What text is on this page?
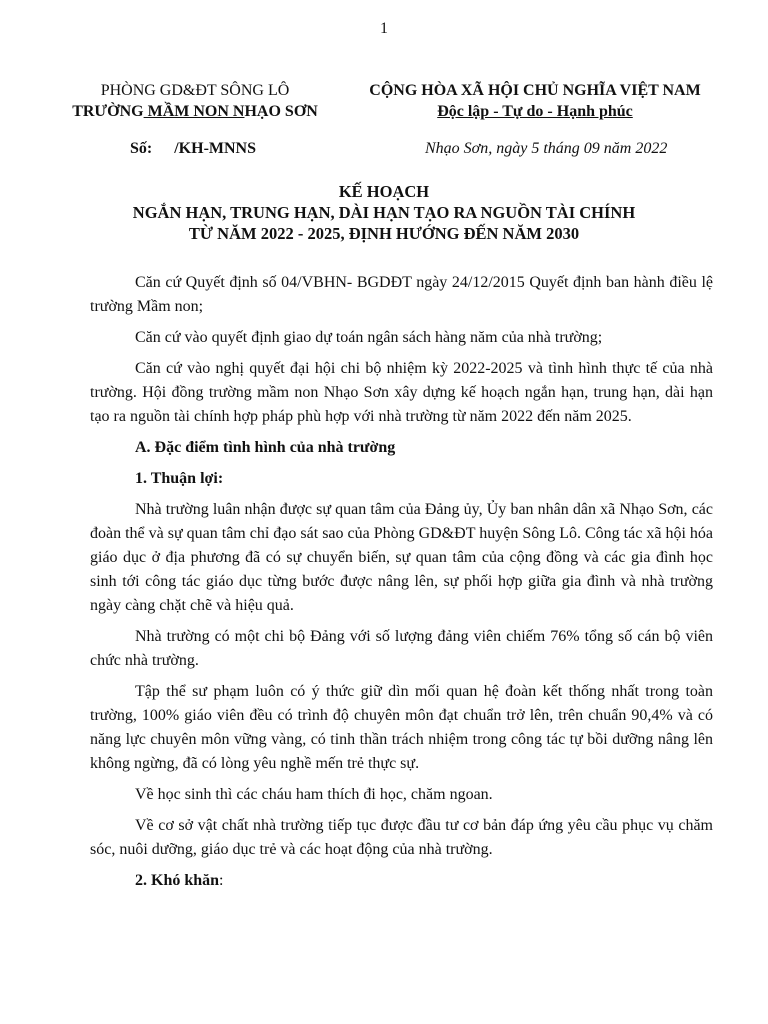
1
PHÒNG GD&ĐT SÔNG LÔ
TRƯỜNG MẦM NON NHẠO SƠN
CỘNG HÒA XÃ HỘI CHỦ NGHĨA VIỆT NAM
Độc lập - Tự do - Hạnh phúc
Số: /KH-MNNS	Nhạo Sơn, ngày 5 tháng 09 năm 2022
KẾ HOẠCH
NGẮN HẠN, TRUNG HẠN, DÀI HẠN TẠO RA NGUỒN TÀI CHÍNH
TỪ NĂM 2022 - 2025, ĐỊNH HƯỚNG ĐẾN NĂM 2030

Căn cứ Quyết định số 04/VBHN- BGDĐT ngày 24/12/2015 Quyết định ban hành điều lệ trường Mầm non;

Căn cứ vào quyết định giao dự toán ngân sách hàng năm của nhà trường;

Căn cứ vào nghị quyết đại hội chi bộ nhiệm kỳ 2022-2025 và tình hình thực tế của nhà trường. Hội đồng trường mầm non Nhạo Sơn xây dựng kế hoạch ngắn hạn, trung hạn, dài hạn tạo ra nguồn tài chính hợp pháp phù hợp với nhà trường từ năm 2022 đến năm 2025.

A. Đặc điểm tình hình của nhà trường
1. Thuận lợi:

Nhà trường luân nhận được sự quan tâm của Đảng ủy, Ủy ban nhân dân xã Nhạo Sơn, các đoàn thể và sự quan tâm chỉ đạo sát sao của Phòng GD&ĐT huyện Sông Lô. Công tác xã hội hóa giáo dục ở địa phương đã có sự chuyển biến, sự quan tâm của cộng đồng và các gia đình học sinh tới công tác giáo dục từng bước được nâng lên, sự phối hợp giữa gia đình và nhà trường ngày càng chặt chẽ và hiệu quả.

Nhà trường có một chi bộ Đảng với số lượng đảng viên chiếm 76% tổng số cán bộ viên chức nhà trường.

Tập thể sư phạm luôn có ý thức giữ dìn mối quan hệ đoàn kết thống nhất trong toàn trường, 100% giáo viên đều có trình độ chuyên môn đạt chuẩn trở lên, trên chuẩn 90,4% và có năng lực chuyên môn vững vàng, có tinh thần trách nhiệm trong công tác tự bồi dưỡng nâng lên không ngừng, đã có lòng yêu nghề mến trẻ thực sự.

Về học sinh thì các cháu ham thích đi học, chăm ngoan.

Về cơ sở vật chất nhà trường tiếp tục được đầu tư cơ bản đáp ứng yêu cầu phục vụ chăm sóc, nuôi dưỡng, giáo dục trẻ và các hoạt động của nhà trường.

2. Khó khăn:
